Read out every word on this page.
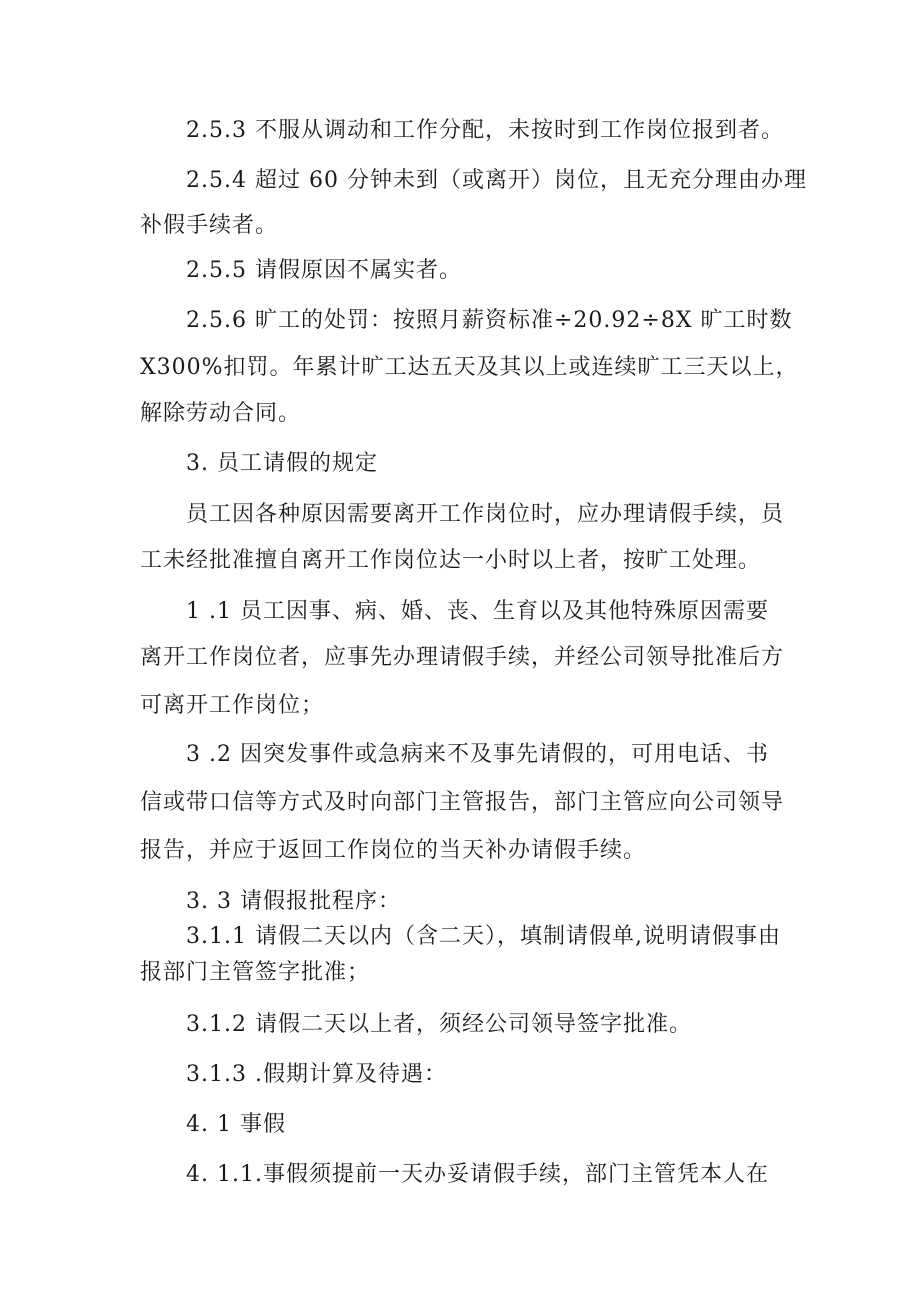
2.5.3 不服从调动和工作分配，未按时到工作岗位报到者。
2.5.4 超过 60 分钟未到（或离开）岗位，且无充分理由办理
补假手续者。
2.5.5 请假原因不属实者。
2.5.6 旷工的处罚：按照月薪资标准÷20.92÷8X 旷工时数
X300%扣罚。年累计旷工达五天及其以上或连续旷工三天以上，
解除劳动合同。
3. 员工请假的规定
员工因各种原因需要离开工作岗位时，应办理请假手续，员
工未经批准擅自离开工作岗位达一小时以上者，按旷工处理。
1 .1 员工因事、病、婚、丧、生育以及其他特殊原因需要
离开工作岗位者，应事先办理请假手续，并经公司领导批准后方
可离开工作岗位；
3 .2 因突发事件或急病来不及事先请假的，可用电话、书
信或带口信等方式及时向部门主管报告，部门主管应向公司领导
报告，并应于返回工作岗位的当天补办请假手续。
3. 3 请假报批程序：
3.1.1 请假二天以内（含二天），填制请假单,说明请假事由
报部门主管签字批准；
3.1.2 请假二天以上者，须经公司领导签字批准。
3.1.3 .假期计算及待遇：
4. 1 事假
4. 1.1.事假须提前一天办妥请假手续，部门主管凭本人在
